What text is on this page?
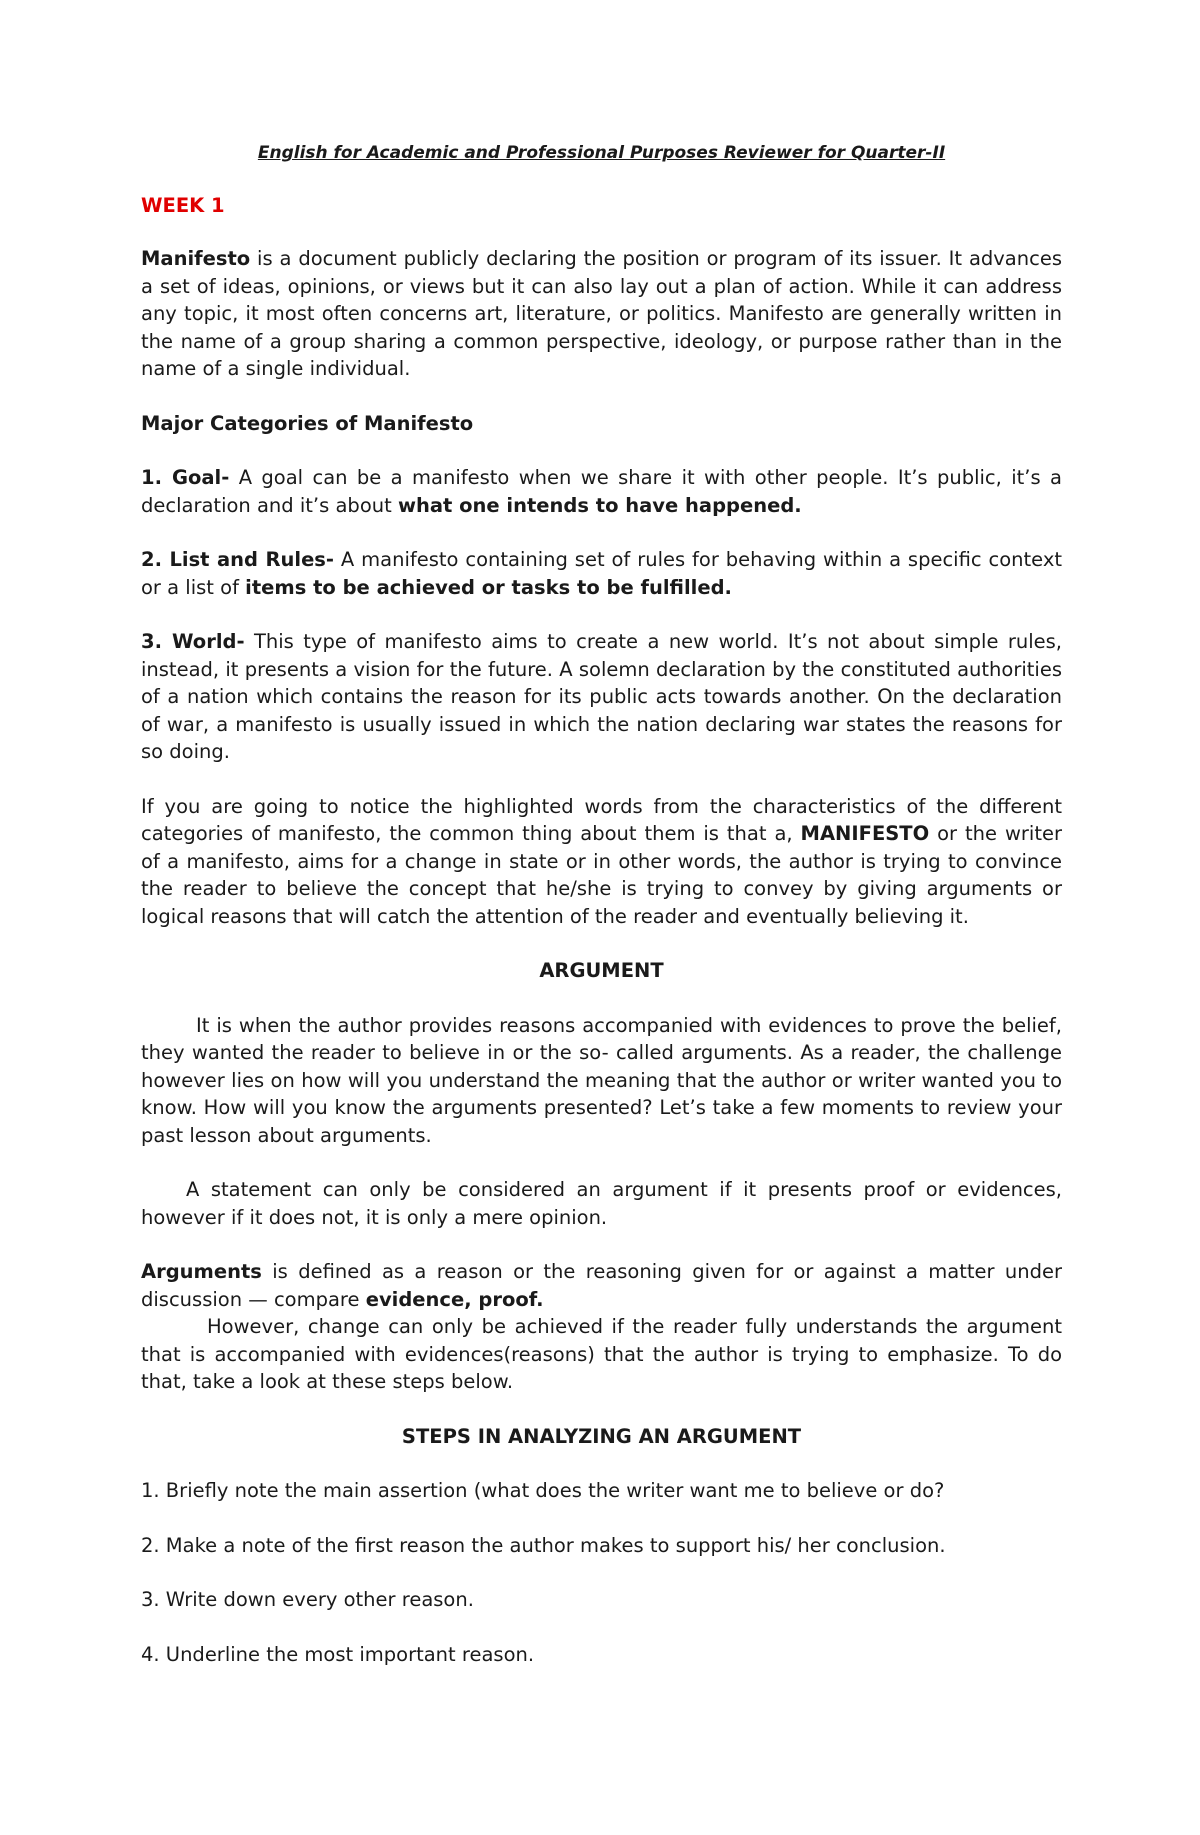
English for Academic and Professional Purposes Reviewer for Quarter-II

WEEK 1

Manifesto is a document publicly declaring the position or program of its issuer. It advances a set of ideas, opinions, or views but it can also lay out a plan of action. While it can address any topic, it most often concerns art, literature, or politics. Manifesto are generally written in the name of a group sharing a common perspective, ideology, or purpose rather than in the name of a single individual.

Major Categories of Manifesto

1. Goal- A goal can be a manifesto when we share it with other people. It’s public, it’s a declaration and it’s about what one intends to have happened.

2. List and Rules- A manifesto containing set of rules for behaving within a specific context or a list of items to be achieved or tasks to be fulfilled.

3. World- This type of manifesto aims to create a new world. It’s not about simple rules, instead, it presents a vision for the future. A solemn declaration by the constituted authorities of a nation which contains the reason for its public acts towards another. On the declaration of war, a manifesto is usually issued in which the nation declaring war states the reasons for so doing.

If you are going to notice the highlighted words from the characteristics of the different categories of manifesto, the common thing about them is that a, MANIFESTO or the writer of a manifesto, aims for a change in state or in other words, the author is trying to convince the reader to believe the concept that he/she is trying to convey by giving arguments or logical reasons that will catch the attention of the reader and eventually believing it.

ARGUMENT

It is when the author provides reasons accompanied with evidences to prove the belief, they wanted the reader to believe in or the so- called arguments. As a reader, the challenge however lies on how will you understand the meaning that the author or writer wanted you to know. How will you know the arguments presented? Let’s take a few moments to review your past lesson about arguments.

A statement can only be considered an argument if it presents proof or evidences, however if it does not, it is only a mere opinion.

Arguments is defined as a reason or the reasoning given for or against a matter under discussion — compare evidence, proof.

However, change can only be achieved if the reader fully understands the argument that is accompanied with evidences(reasons) that the author is trying to emphasize. To do that, take a look at these steps below.

STEPS IN ANALYZING AN ARGUMENT

1. Briefly note the main assertion (what does the writer want me to believe or do?

2. Make a note of the first reason the author makes to support his/ her conclusion.

3. Write down every other reason.

4. Underline the most important reason.
